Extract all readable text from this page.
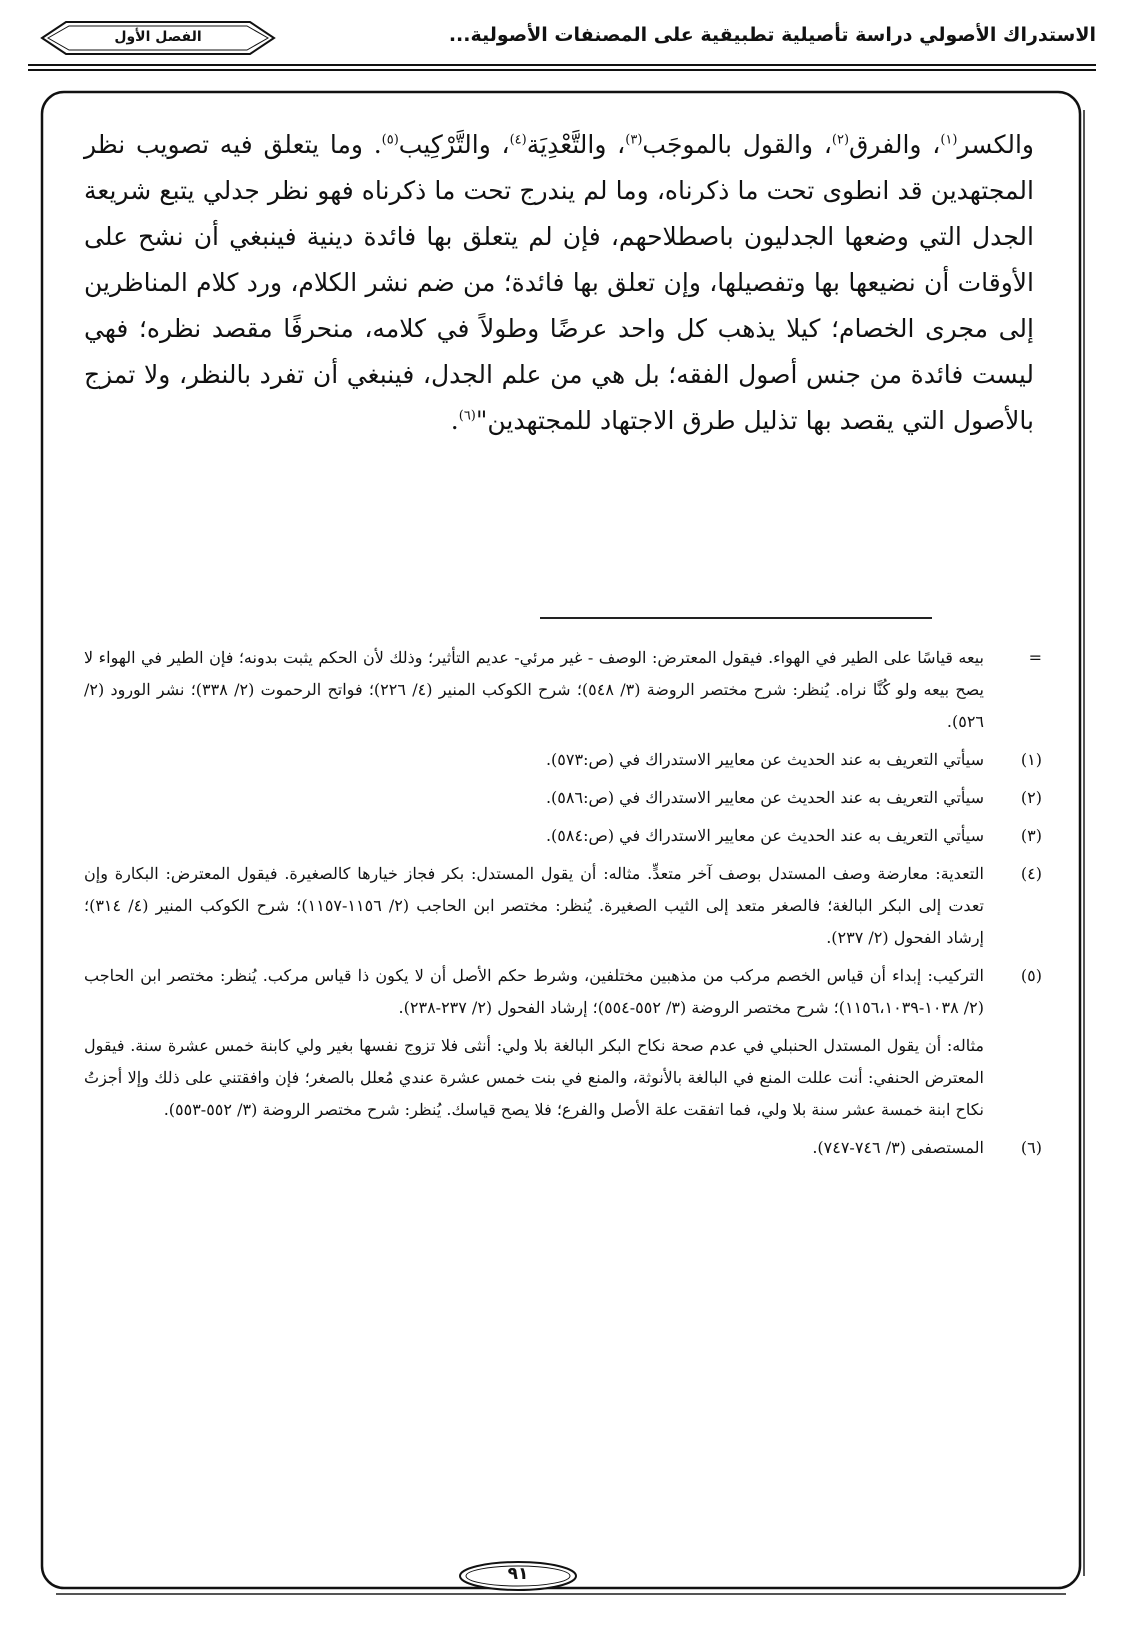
الاستدراك الأصولي دراسة تأصيلية تطبيقية على المصنفات الأصولية...
الفصل الأول

والكسر$^{(١)}$، والفرق$^{(٢)}$، والقول بالموجَب$^{(٣)}$، والتَّعْدِيَة$^{(٤)}$، والتَّرْكِيب$^{(٥)}$. وما يتعلق فيه تصويب نظر المجتهدين قد انطوى تحت ما ذكرناه، وما لم يندرج تحت ما ذكرناه فهو نظر جدلي يتبع شريعة الجدل التي وضعها الجدليون باصطلاحهم، فإن لم يتعلق بها فائدة دينية فينبغي أن نشح على الأوقات أن نضيعها بها وتفصيلها، وإن تعلق بها فائدة؛ من ضم نشر الكلام، ورد كلام المناظرين إلى مجرى الخصام؛ كيلا يذهب كل واحد عرضًا وطولاً في كلامه، منحرفًا مقصد نظره؛ فهي ليست فائدة من جنس أصول الفقه؛ بل هي من علم الجدل، فينبغي أن تفرد بالنظر، ولا تمزج بالأصول التي يقصد بها تذليل طرق الاجتهاد للمجتهدين"$^{(٦)}$.

=
بيعه قياسًا على الطير في الهواء. فيقول المعترض: الوصف - غير مرئي- عديم التأثير؛ وذلك لأن الحكم يثبت بدونه؛ فإن الطير في الهواء لا يصح بيعه ولو كُنَّا نراه. يُنظر: شرح مختصر الروضة (٣/ ٥٤٨)؛ شرح الكوكب المنير (٤/ ٢٢٦)؛ فواتح الرحموت (٢/ ٣٣٨)؛ نشر الورود (٢/ ٥٢٦).
(١)
سيأتي التعريف به عند الحديث عن معايير الاستدراك في (ص:٥٧٣).
(٢)
سيأتي التعريف به عند الحديث عن معايير الاستدراك في (ص:٥٨٦).
(٣)
سيأتي التعريف به عند الحديث عن معايير الاستدراك في (ص:٥٨٤).
(٤)
التعدية: معارضة وصف المستدل بوصف آخر متعدٍّ. مثاله: أن يقول المستدل: بكر فجاز خيارها كالصغيرة. فيقول المعترض: البكارة وإن تعدت إلى البكر البالغة؛ فالصغر متعد إلى الثيب الصغيرة. يُنظر: مختصر ابن الحاجب (٢/ ١١٥٦-١١٥٧)؛ شرح الكوكب المنير (٤/ ٣١٤)؛ إرشاد الفحول (٢/ ٢٣٧).
(٥)
التركيب: إبداء أن قياس الخصم مركب من مذهبين مختلفين، وشرط حكم الأصل أن لا يكون ذا قياس مركب. يُنظر: مختصر ابن الحاجب (٢/ ١٠٣٨-١١٥٦،١٠٣٩)؛ شرح مختصر الروضة (٣/ ٥٥٢-٥٥٤)؛ إرشاد الفحول (٢/ ٢٣٧-٢٣٨).
مثاله: أن يقول المستدل الحنبلي في عدم صحة نكاح البكر البالغة بلا ولي: أنثى فلا تزوج نفسها بغير ولي كابنة خمس عشرة سنة. فيقول المعترض الحنفي: أنت عللت المنع في البالغة بالأنوثة، والمنع في بنت خمس عشرة عندي مُعلل بالصغر؛ فإن وافقتني على ذلك وإلا أجزتُ نكاح ابنة خمسة عشر سنة بلا ولي، فما اتفقت علة الأصل والفرع؛ فلا يصح قياسك. يُنظر: شرح مختصر الروضة (٣/ ٥٥٢-٥٥٣).
(٦)
المستصفى (٣/ ٧٤٦-٧٤٧).
٩١
